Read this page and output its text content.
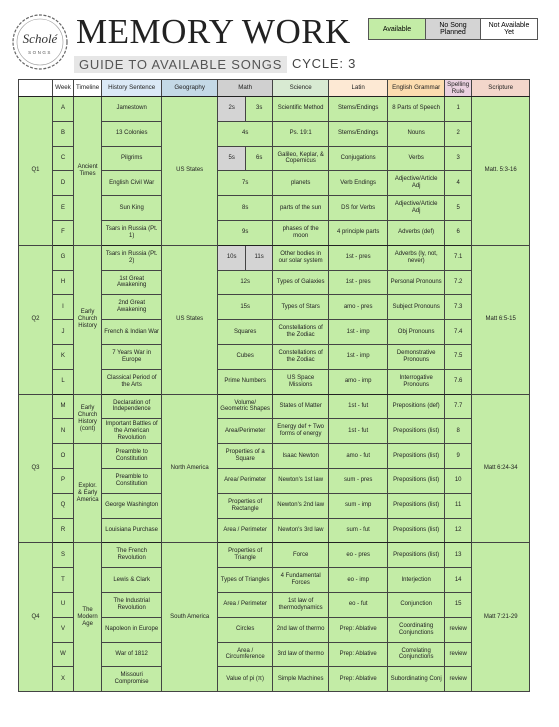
Scholé
SONGS
MEMORY WORK
GUIDE TO AVAILABLE SONGS CYCLE: 3
Available	No Song Planned	Not Available Yet
	Week	Timeline	History Sentence	Geography	Math		Science	Latin	English Grammar	Spelling Rule	Scripture
Q1	A	Ancient Times	Jamestown	US States	2s	3s	Scientific Method	Stems/Endings	8 Parts of Speech	1	Matt. 5:3-16
	B		13 Colonies		4s		Ps. 19:1	Stems/Endings	Nouns	2	
	C		Pilgrims		5s	6s	Galileo, Keplar, & Copernicus	Conjugations	Verbs	3	
	D		English Civil War		7s		planets	Verb Endings	Adjective/Article Adj	4	
	E		Sun King		8s		parts of the sun	DS for Verbs	Adjective/Article Adj	5	
	F		Tsars in Russia (Pt. 1)		9s		phases of the moon	4 principle parts	Adverbs (def)	6	
Q2	G	Early Church History	Tsars in Russia (Pt. 2)	US States	10s	11s	Other bodies in our solar system	1st - pres	Adverbs (ly, not, never)	7.1	Matt 6:5-15
	H		1st Great Awakening		12s		Types of Galaxies	1st - pres	Personal Pronouns	7.2	
	I		2nd Great Awakening		15s		Types of Stars	amo - pres	Subject Pronouns	7.3	
	J		French & Indian War		Squares		Constellations of the Zodiac	1st - imp	Obj Pronouns	7.4	
	K		7 Years War in Europe		Cubes		Constellations of the Zodiac	1st - imp	Demonstrative Pronouns	7.5	
	L		Classical Period of the Arts		Prime Numbers		US Space Missions	amo - imp	Interrogative Pronouns	7.6	
Q3	M	Early Church History (cont)	Declaration of Independence	North America	Volume/ Geometric Shapes		States of Matter	1st - fut	Prepositions (def)	7.7	Matt 6:24-34
	N		Important Battles of the American Revolution		Area/Perimeter		Energy def + Two forms of energy	1st - fut	Prepositions (list)	8	
	O	Explor. & Early America	Preamble to Constitution		Properties of a Square		Isaac Newton	amo - fut	Prepositions (list)	9	
	P		Preamble to Constitution		Area/ Perimeter		Newton's 1st law	sum - pres	Prepositions (list)	10	
	Q		George Washington		Properties of Rectangle		Newton's 2nd law	sum - imp	Prepositions (list)	11	
	R		Louisiana Purchase		Area / Perimeter		Newton's 3rd law	sum - fut	Prepositions (list)	12	
Q4	S	The Modern Age	The French Revolution	South America	Properties of Triangle		Force	eo - pres	Prepositions (list)	13	Matt 7:21-29
	T		Lewis & Clark		Types of Triangles		4 Fundamental Forces	eo - imp	Interjection	14	
	U		The Industrial Revolution		Area / Perimeter		1st law of thermodynamics	eo - fut	Conjunction	15	
	V		Napoleon in Europe		Circles		2nd law of thermo	Prep: Ablative	Coordinating Conjunctions	review	
	W		War of 1812		Area / Circumference		3rd law of thermo	Prep: Ablative	Correlating Conjunctions	review	
	X		Missouri Compromise		Value of pi (π)		Simple Machines	Prep: Ablative	Subordinating Conj	review	
